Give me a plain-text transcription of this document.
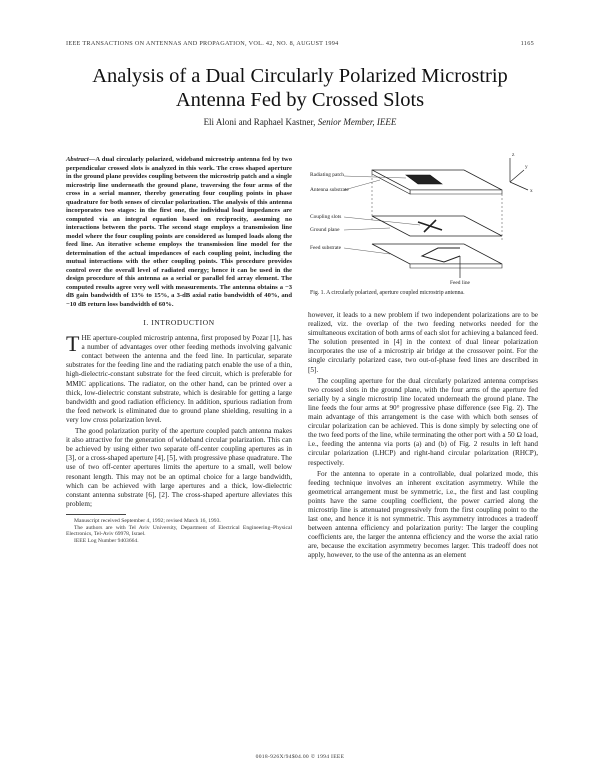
IEEE TRANSACTIONS ON ANTENNAS AND PROPAGATION, VOL. 42, NO. 8, AUGUST 1994	1165
Analysis of a Dual Circularly Polarized Microstrip
Antenna Fed by Crossed Slots
Eli Aloni and Raphael Kastner, Senior Member, IEEE

Abstract—A dual circularly polarized, wideband microstrip antenna fed by two perpendicular crossed slots is analyzed in this work. The cross shaped aperture in the ground plane provides coupling between the microstrip patch and a single microstrip line underneath the ground plane, traversing the four arms of the cross in a serial manner, thereby generating four coupling points in phase quadrature for both senses of circular polarization. The analysis of this antenna incorporates two stages: in the first one, the individual load impedances are computed via an integral equation based on reciprocity, assuming no interactions between the ports. The second stage employs a transmission line model where the four coupling points are considered as lumped loads along the feed line. An iterative scheme employs the transmission line model for the determination of the actual impedances of each coupling point, including the mutual interactions with the other coupling points. This procedure provides control over the overall level of radiated energy; hence it can be used in the design procedure of this antenna as a serial or parallel fed array element. The computed results agree very well with measurements. The antenna obtains a −3 dB gain bandwidth of 13% to 15%, a 3-dB axial ratio bandwidth of 40%, and −10 dB return loss bandwidth of 60%.

I. INTRODUCTION

THE aperture-coupled microstrip antenna, first proposed by Pozar [1], has a number of advantages over other feeding methods involving galvanic contact between the antenna and the feed line. In particular, separate substrates for the feeding line and the radiating patch enable the use of a thin, high-dielectric-constant substrate for the feed circuit, which is preferable for MMIC applications. The radiator, on the other hand, can be printed over a thick, low-dielectric constant substrate, which is desirable for getting a large bandwidth and good radiation efficiency. In addition, spurious radiation from the feed network is eliminated due to ground plane shielding, resulting in a very low cross polarization level.

The good polarization purity of the aperture coupled patch antenna makes it also attractive for the generation of wideband circular polarization. This can be achieved by using either two separate off-center coupling apertures as in [3], or a cross-shaped aperture [4], [5], with progressive phase quadrature. The use of two off-center apertures limits the aperture to a small, well below resonant length. This may not be an optimal choice for a large bandwidth, which can be achieved with large apertures and a thick, low-dielectric constant antenna substrate [6], [2]. The cross-shaped aperture alleviates this problem;

Manuscript received September 4, 1992; revised March 16, 1993.

The authors are with Tel Aviv University, Department of Electrical Engineering–Physical Electronics, Tel-Aviv 69978, Israel.

IEEE Log Number 9403664.

Radiating patch
Antenna substrate
Coupling slots
Ground plane
Feed substrate
Feed line
x
y
z
Fig. 1. A circularly polarized, aperture coupled microstrip antenna.

however, it leads to a new problem if two independent polarizations are to be realized, viz. the overlap of the two feeding networks needed for the simultaneous excitation of both arms of each slot for achieving a balanced feed. The solution presented in [4] in the context of dual linear polarization incorporates the use of a microstrip air bridge at the crossover point. For the single circularly polarized case, two out-of-phase feed lines are described in [5].

The coupling aperture for the dual circularly polarized antenna comprises two crossed slots in the ground plane, with the four arms of the aperture fed serially by a single microstrip line located underneath the ground plane. The line feeds the four arms at 90° progressive phase difference (see Fig. 2). The main advantage of this arrangement is the case with which both senses of circular polarization can be achieved. This is done simply by selecting one of the two feed ports of the line, while terminating the other port with a 50 Ω load, i.e., feeding the antenna via ports (a) and (b) of Fig. 2 results in left hand circular polarization (LHCP) and right-hand circular polarization (RHCP), respectively.

For the antenna to operate in a controllable, dual polarized mode, this feeding technique involves an inherent excitation asymmetry. While the geometrical arrangement must be symmetric, i.e., the first and last coupling points have the same coupling coefficient, the power carried along the microstrip line is attenuated progressively from the first coupling point to the last one, and hence it is not symmetric. This asymmetry introduces a tradeoff between antenna efficiency and polarization purity: The larger the coupling coefficients are, the larger the antenna efficiency and the worse the axial ratio are, because the excitation asymmetry becomes larger. This tradeoff does not apply, however, to the use of the antenna as an element

0018-926X/94$04.00 © 1994 IEEE
